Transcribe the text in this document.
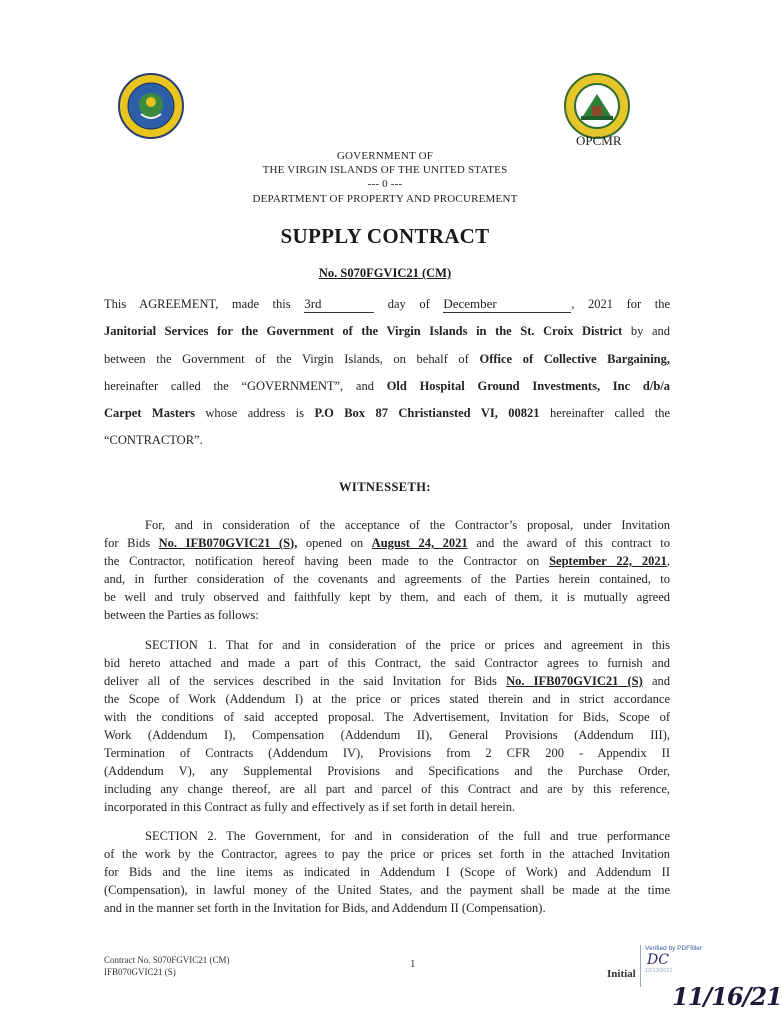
OPCMR
GOVERNMENT OF
THE VIRGIN ISLANDS OF THE UNITED STATES
--- 0 ---
DEPARTMENT OF PROPERTY AND PROCUREMENT
SUPPLY CONTRACT
No. S070FGVIC21 (CM)
This AGREEMENT, made this 3rd	day of December	, 2021 for the
Janitorial Services for the Government of the Virgin Islands in the St. Croix District by and
between the Government of the Virgin Islands, on behalf of Office of Collective Bargaining,
hereinafter called the “GOVERNMENT”, and Old Hospital Ground Investments, Inc d/b/a
Carpet Masters whose address is P.O Box 87 Christiansted VI, 00821 hereinafter called the
“CONTRACTOR”.
WITNESSETH:
For, and in consideration of the acceptance of the Contractor’s proposal, under Invitation
for Bids No. IFB070GVIC21 (S), opened on August 24, 2021 and the award of this contract to
the Contractor, notification hereof having been made to the Contractor on September 22, 2021,
and, in further consideration of the covenants and agreements of the Parties herein contained, to
be well and truly observed and faithfully kept by them, and each of them, it is mutually agreed
between the Parties as follows:
SECTION 1. That for and in consideration of the price or prices and agreement in this
bid hereto attached and made a part of this Contract, the said Contractor agrees to furnish and
deliver all of the services described in the said Invitation for Bids No. IFB070GVIC21 (S) and
the Scope of Work (Addendum I) at the price or prices stated therein and in strict accordance
with the conditions of said accepted proposal. The Advertisement, Invitation for Bids, Scope of
Work (Addendum I), Compensation (Addendum II), General Provisions (Addendum III),
Termination of Contracts (Addendum IV), Provisions from 2 CFR 200 - Appendix II
(Addendum V), any Supplemental Provisions and Specifications and the Purchase Order,
including any change thereof, are all part and parcel of this Contract and are by this reference,
incorporated in this Contract as fully and effectively as if set forth in detail herein.
SECTION 2. The Government, for and in consideration of the full and true performance
of the work by the Contractor, agrees to pay the price or prices set forth in the attached Invitation
for Bids and the line items as indicated in Addendum I (Scope of Work) and Addendum II
(Compensation), in lawful money of the United States, and the payment shall be made at the time
and in the manner set forth in the Invitation for Bids, and Addendum II (Compensation).
Contract No. S070FGVIC21 (CM)
IFB070GVIC21 (S)
1
Initial
Verified by PDFfiller
DC
12/13/2021
11/16/21
